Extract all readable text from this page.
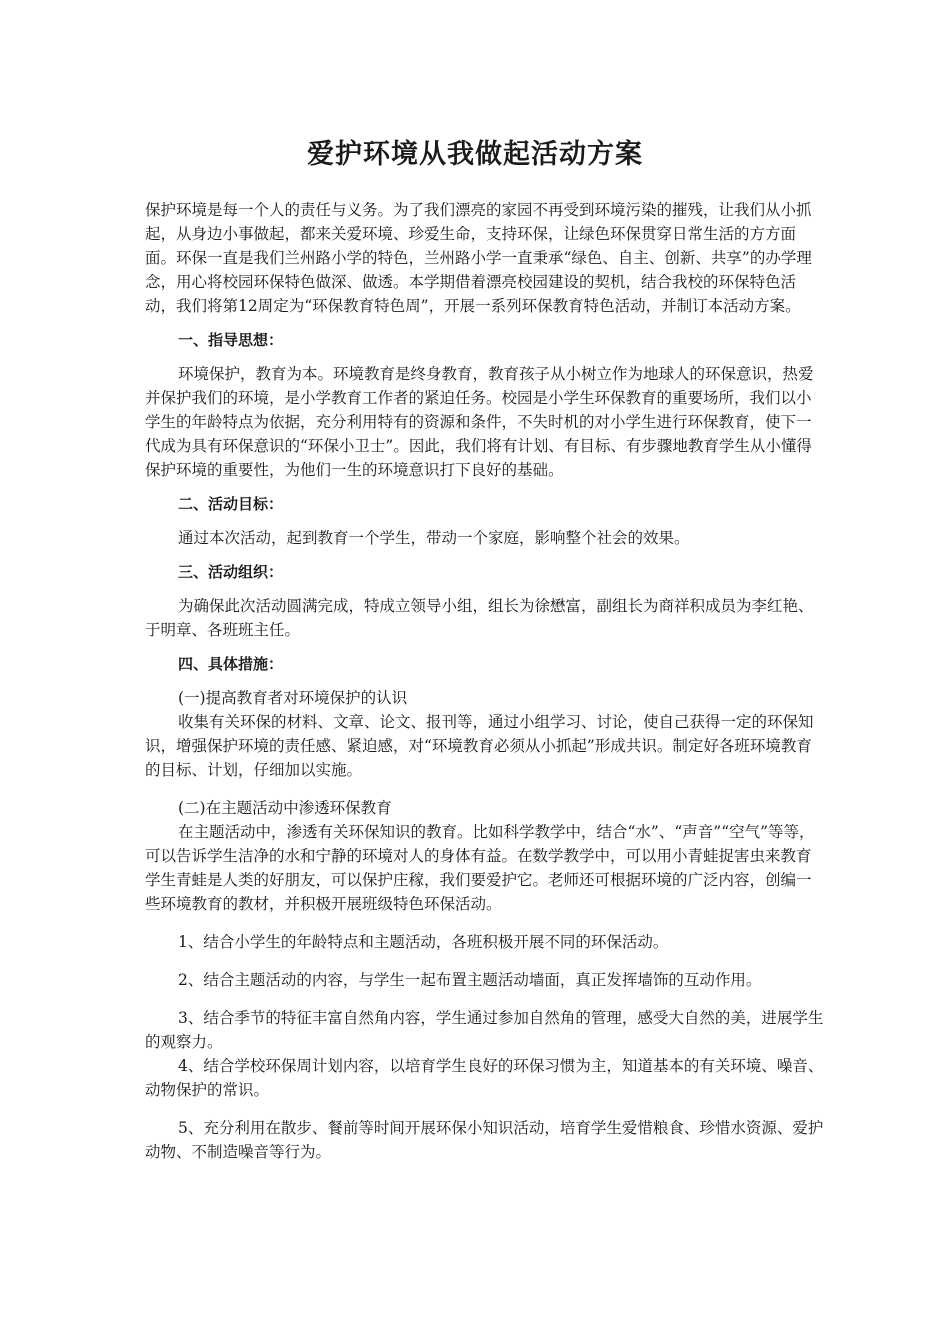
爱护环境从我做起活动方案

保护环境是每一个人的责任与义务。为了我们漂亮的家园不再受到环境污染的摧残，让我们从小抓起，从身边小事做起，都来关爱环境、珍爱生命，支持环保，让绿色环保贯穿日常生活的方方面面。环保一直是我们兰州路小学的特色，兰州路小学一直秉承“绿色、自主、创新、共享”的办学理念，用心将校园环保特色做深、做透。本学期借着漂亮校园建设的契机，结合我校的环保特色活动，我们将第12周定为“环保教育特色周”，开展一系列环保教育特色活动，并制订本活动方案。

一、指导思想：

环境保护，教育为本。环境教育是终身教育，教育孩子从小树立作为地球人的环保意识，热爱并保护我们的环境，是小学教育工作者的紧迫任务。校园是小学生环保教育的重要场所，我们以小学生的年龄特点为依据，充分利用特有的资源和条件，不失时机的对小学生进行环保教育，使下一代成为具有环保意识的“环保小卫士”。因此，我们将有计划、有目标、有步骤地教育学生从小懂得保护环境的重要性，为他们一生的环境意识打下良好的基础。

二、活动目标：

通过本次活动，起到教育一个学生，带动一个家庭，影响整个社会的效果。

三、活动组织：

为确保此次活动圆满完成，特成立领导小组，组长为徐懋富，副组长为商祥积成员为李红艳、于明章、各班班主任。

四、具体措施：

(一)提高教育者对环境保护的认识

收集有关环保的材料、文章、论文、报刊等，通过小组学习、讨论，使自己获得一定的环保知识，增强保护环境的责任感、紧迫感，对“环境教育必须从小抓起”形成共识。制定好各班环境教育的目标、计划，仔细加以实施。

(二)在主题活动中渗透环保教育

在主题活动中，渗透有关环保知识的教育。比如科学教学中，结合“水”、“声音”“空气”等等，可以告诉学生洁净的水和宁静的环境对人的身体有益。在数学教学中，可以用小青蛙捉害虫来教育学生青蛙是人类的好朋友，可以保护庄稼，我们要爱护它。老师还可根据环境的广泛内容，创编一些环境教育的教材，并积极开展班级特色环保活动。

1、结合小学生的年龄特点和主题活动，各班积极开展不同的环保活动。

2、结合主题活动的内容，与学生一起布置主题活动墙面，真正发挥墙饰的互动作用。

3、结合季节的特征丰富自然角内容，学生通过参加自然角的管理，感受大自然的美，进展学生的观察力。

4、结合学校环保周计划内容，以培育学生良好的环保习惯为主，知道基本的有关环境、噪音、动物保护的常识。

5、充分利用在散步、餐前等时间开展环保小知识活动，培育学生爱惜粮食、珍惜水资源、爱护动物、不制造噪音等行为。
